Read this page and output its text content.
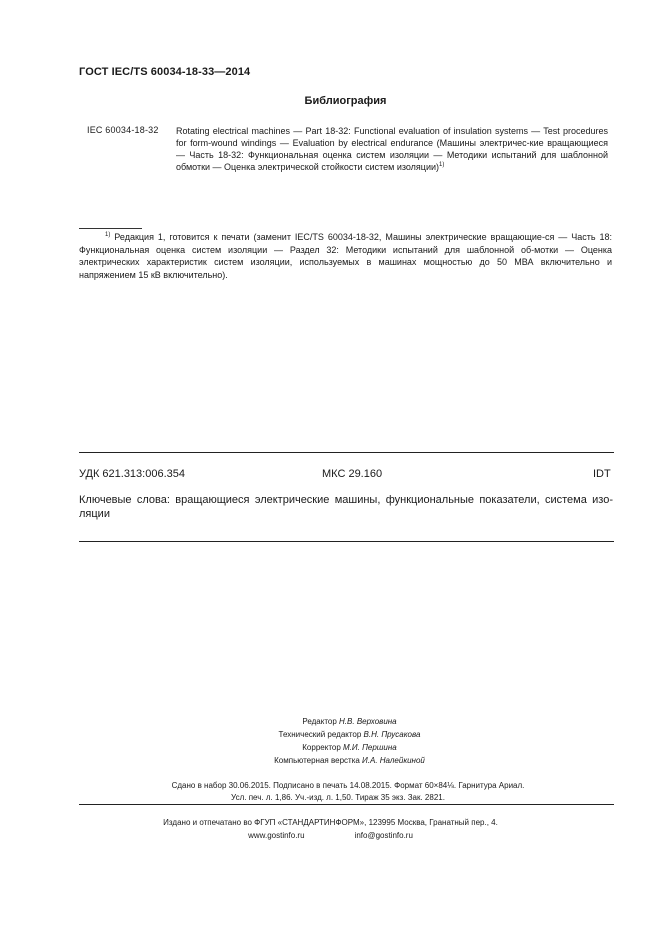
ГОСТ IEC/TS 60034-18-33—2014
Библиография
IEC 60034-18-32 Rotating electrical machines — Part 18-32: Functional evaluation of insulation systems — Test procedures for form-wound windings — Evaluation by electrical endurance (Машины электричес-кие вращающиеся — Часть 18-32: Функциональная оценка систем изоляции — Методики испытаний для шаблонной обмотки — Оценка электрической стойкости систем изоляции)$^{1)}$
$^{1)}$ Редакция 1, готовится к печати (заменит IEC/TS 60034-18-32, Машины электрические вращающие-ся — Часть 18: Функциональная оценка систем изоляции — Раздел 32: Методики испытаний для шаблонной об-мотки — Оценка электрических характеристик систем изоляции, используемых в машинах мощностью до 50 МВА включительно и напряжением 15 кВ включительно).
УДК 621.313:006.354	МКС 29.160	IDT
Ключевые слова: вращающиеся электрические машины, функциональные показатели, система изо-ляции
Редактор Н.В. Верховина
Технический редактор В.Н. Прусакова
Корректор М.И. Першина
Компьютерная верстка И.А. Налейкиной
Сдано в набор 30.06.2015. Подписано в печать 14.08.2015. Формат 60×84⅛. Гарнитура Ариал.
Усл. печ. л. 1,86. Уч.-изд. л. 1,50. Тираж 35 экз. Зак. 2821.
Издано и отпечатано во ФГУП «СТАНДАРТИНФОРМ», 123995 Москва, Гранатный пер., 4.
www.gostinfo.ru	info@gostinfo.ru
